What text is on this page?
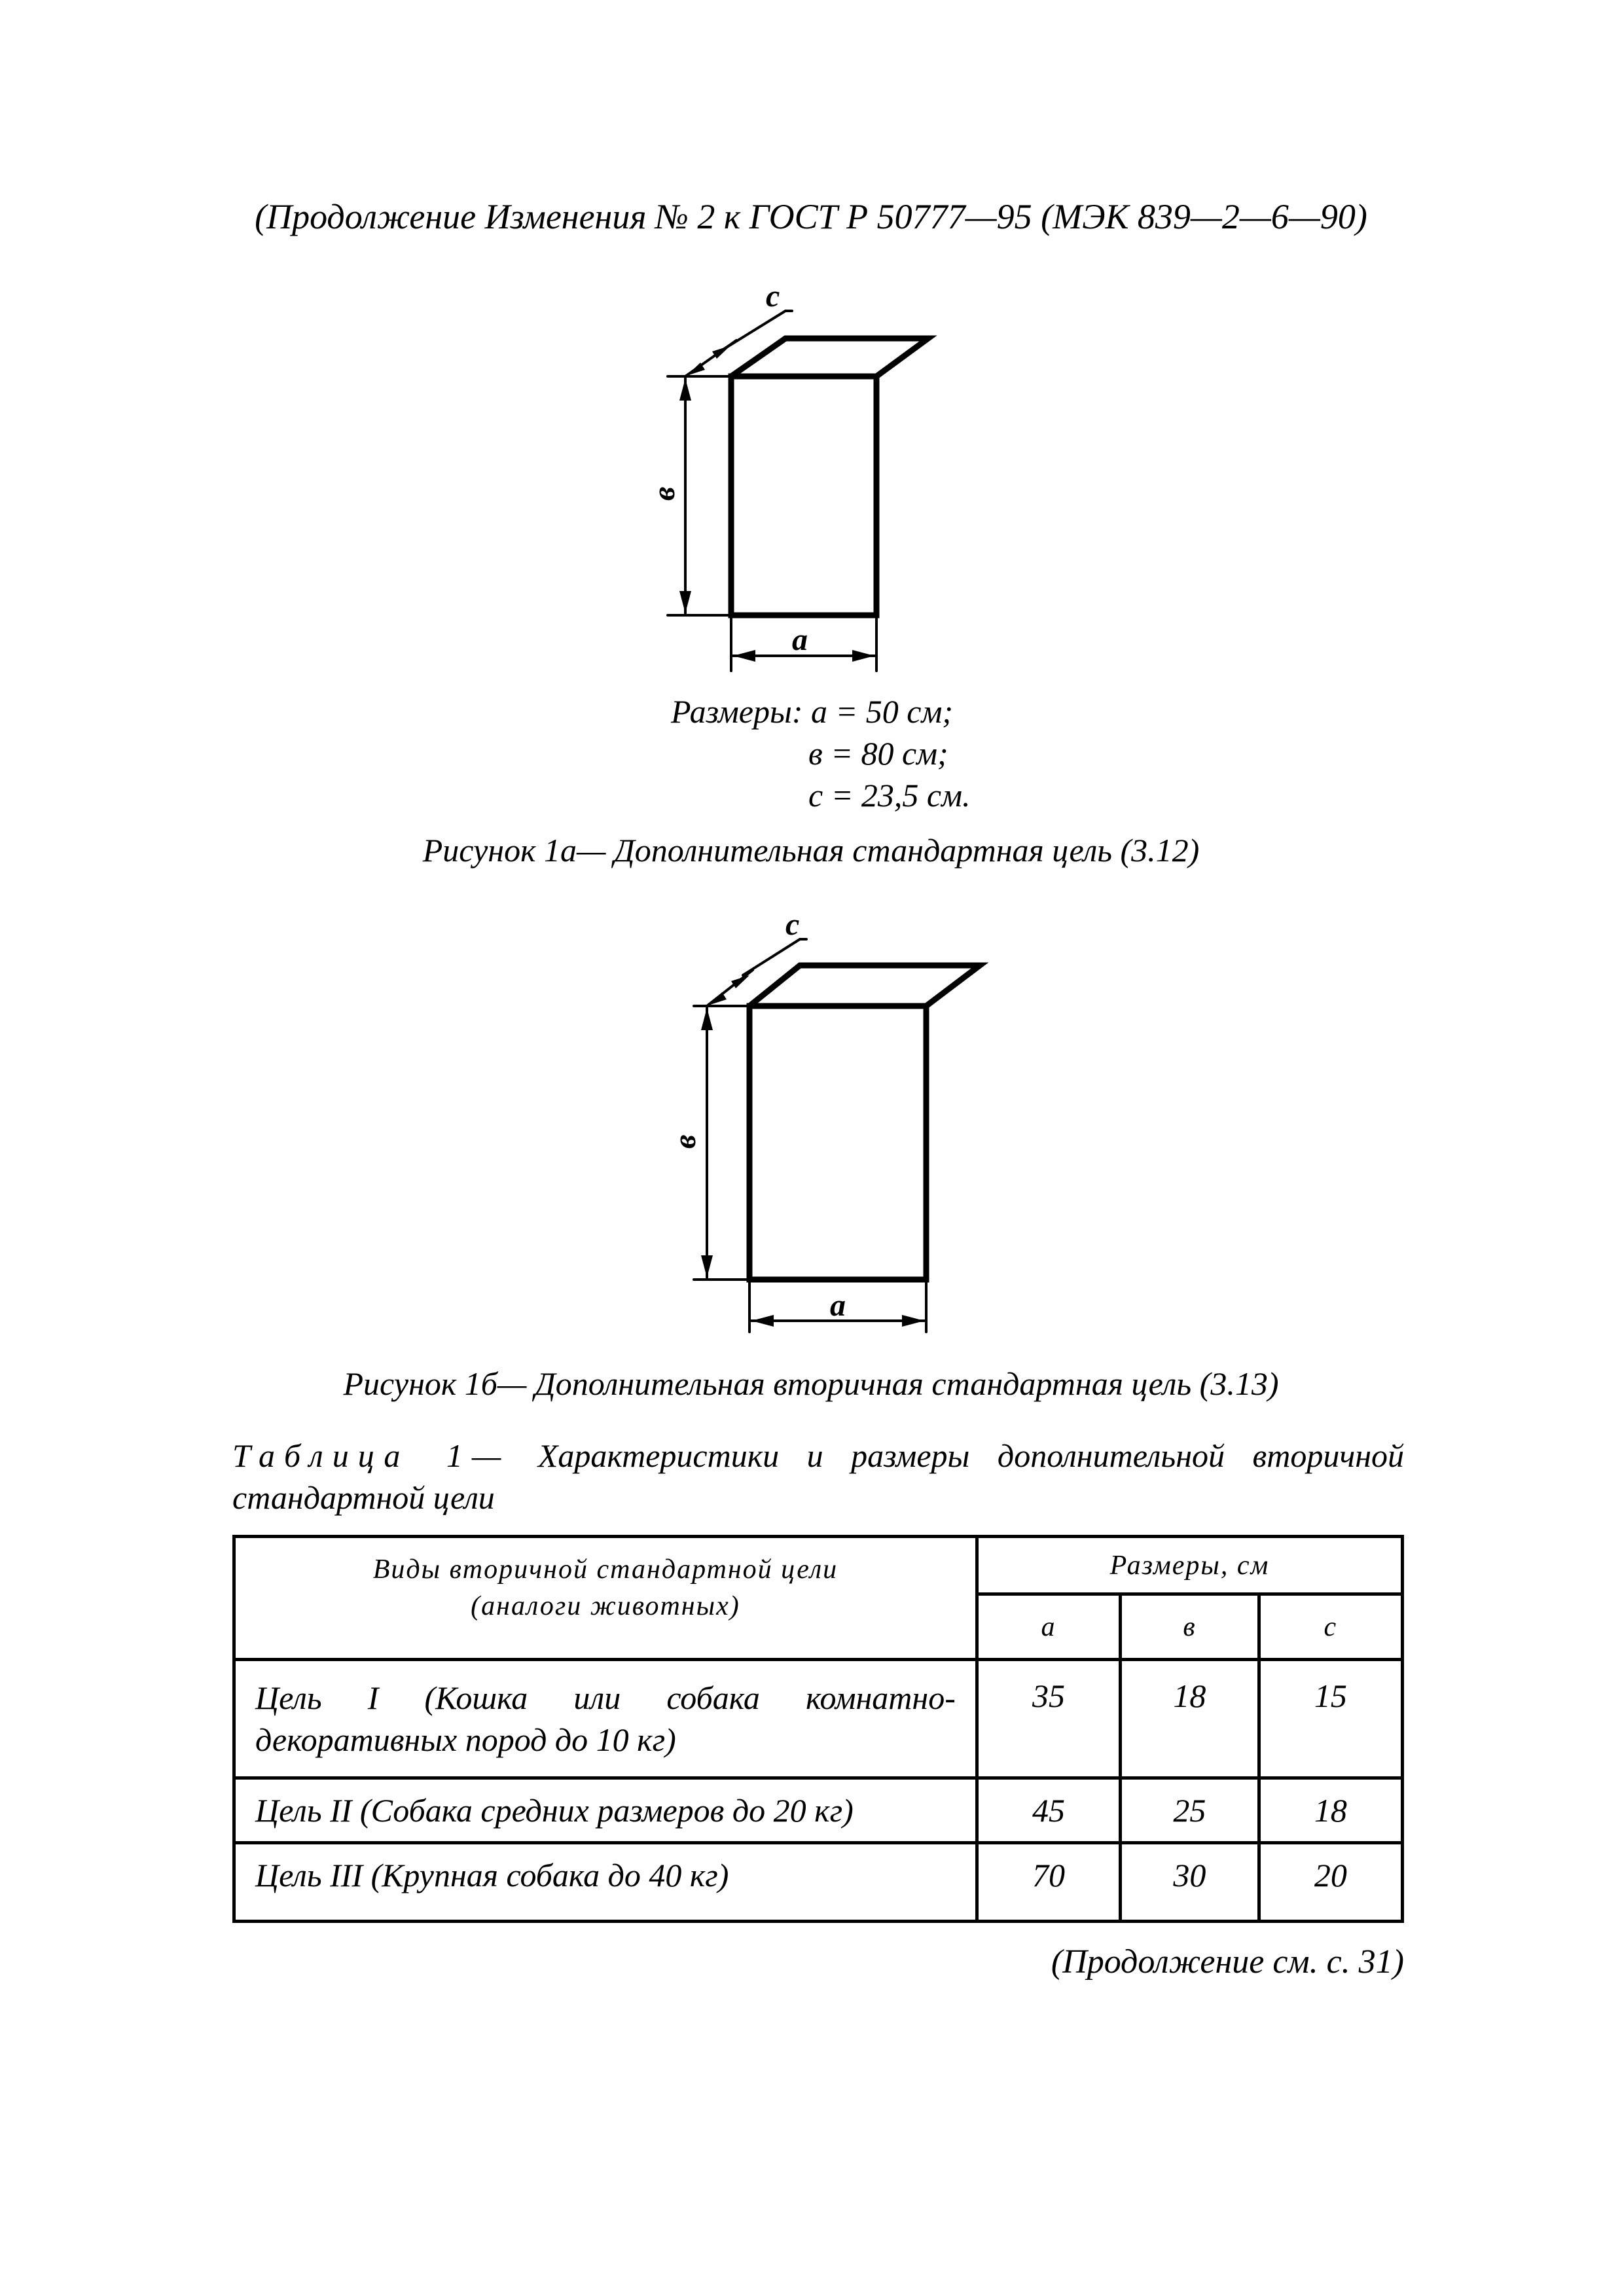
(Продолжение Изменения № 2 к ГОСТ Р 50777—95 (МЭК 839—2—6—90)
c
в
a
Размеры: a = 50 см;
в = 80 см;
с = 23,5 см.
Рисунок 1а— Дополнительная стандартная цель (3.12)
c
в
a
Рисунок 1б— Дополнительная вторичная стандартная цель (3.13)
Таблица 1— Характеристики и размеры дополнительной вторичной стандартной цели
Виды вторичной стандартной цели
(аналоги животных)	Размеры, см		
	а	в	с
Цель I (Кошка или собака комнатно-декоративных пород до 10 кг)	35	18	15
Цель II (Собака средних размеров до 20 кг)	45	25	18
Цель III (Крупная собака до 40 кг)	70	30	20
(Продолжение см. с. 31)
